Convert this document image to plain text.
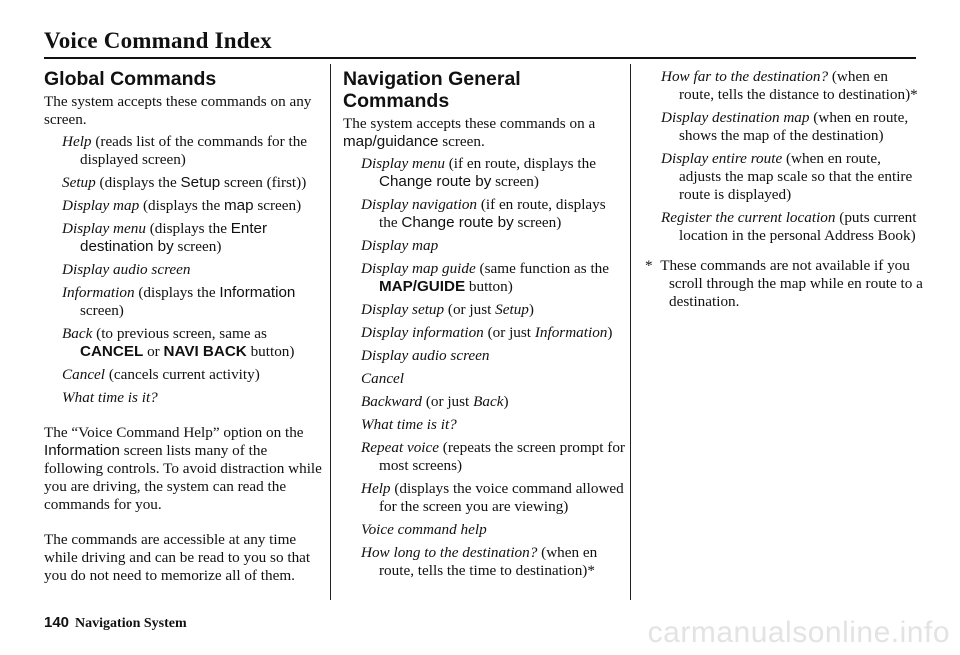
Voice Command Index
Global Commands
The system accepts these commands on any screen.
Help (reads list of the commands for the displayed screen)
Setup (displays the Setup screen (first))
Display map (displays the map screen)
Display menu (displays the Enter destination by screen)
Display audio screen
Information (displays the Information screen)
Back (to previous screen, same as CANCEL or NAVI BACK button)
Cancel (cancels current activity)
What time is it?
The “Voice Command Help” option on the Information screen lists many of the following controls. To avoid distraction while you are driving, the system can read the commands for you.
The commands are accessible at any time while driving and can be read to you so that you do not need to memorize all of them.
Navigation General Commands
The system accepts these commands on a map/guidance screen.
Display menu (if en route, displays the Change route by screen)
Display navigation (if en route, displays the Change route by screen)
Display map
Display map guide (same function as the MAP/GUIDE button)
Display setup (or just Setup)
Display information (or just Information)
Display audio screen
Cancel
Backward (or just Back)
What time is it?
Repeat voice (repeats the screen prompt for most screens)
Help (displays the voice command allowed for the screen you are viewing)
Voice command help
How long to the destination? (when en route, tells the time to destination)*
How far to the destination? (when en route, tells the distance to destination)*
Display destination map (when en route, shows the map of the destination)
Display entire route (when en route, adjusts the map scale so that the entire route is displayed)
Register the current location (puts current location in the personal Address Book)
* These commands are not available if you scroll through the map while en route to a destination.
140 Navigation System	carmanualsonline.info
